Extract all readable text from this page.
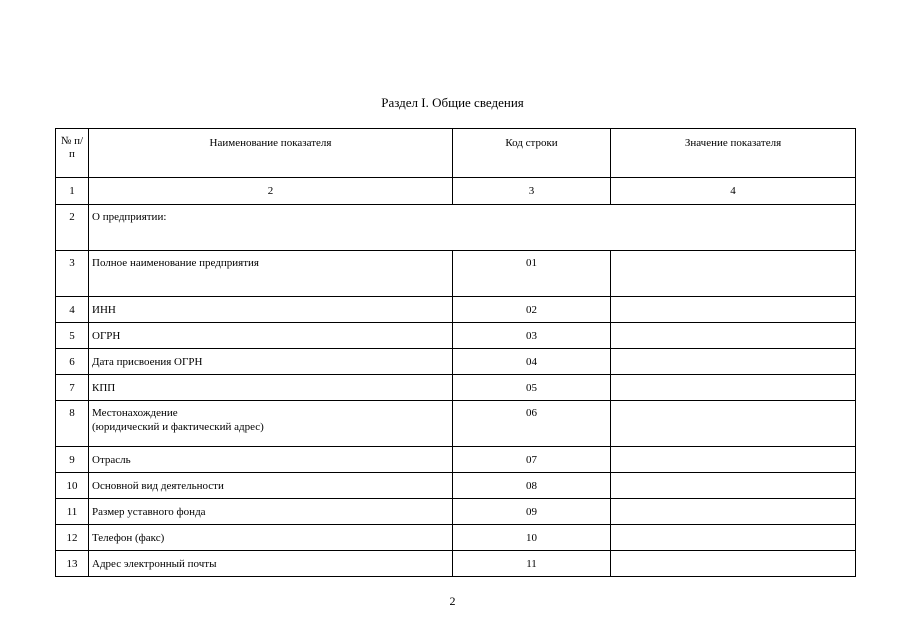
Раздел I. Общие сведения
№ п/п	Наименование показателя	Код строки	Значение показателя
1	2	3	4
2	О предприятии:		
3	Полное наименование предприятия	01	
4	ИНН	02	
5	ОГРН	03	
6	Дата присвоения ОГРН	04	
7	КПП	05	
8	Местонахождение
(юридический и фактический адрес)	06	
9	Отрасль	07	
10	Основной вид деятельности	08	
11	Размер уставного фонда	09	
12	Телефон (факс)	10	
13	Адрес электронный почты	11	
2
